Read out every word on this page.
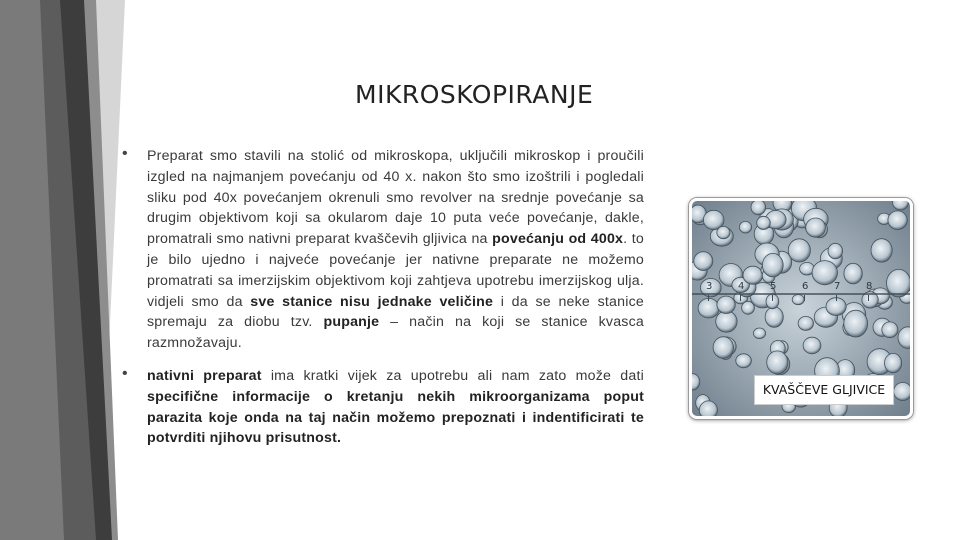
MIKROSKOPIRANJE
• Preparat smo stavili na stolić od mikroskopa, uključili mikroskop i proučili izgled na najmanjem povećanju od 40 x. nakon što smo izoštrili i pogledali sliku pod 40x povećanjem okrenuli smo revolver na srednje povećanje sa drugim objektivom koji sa okularom daje 10 puta veće povećanje, dakle, promatrali smo nativni preparat kvaščevih gljivica na povećanju od 400x. to je bilo ujedno i najveće povećanje jer nativne preparate ne možemo promatrati sa imerzijskim objektivom koji zahtjeva upotrebu imerzijskog ulja. vidjeli smo da sve stanice nisu jednake veličine i da se neke stanice spremaju za diobu tzv. pupanje – način na koji se stanice kvasca razmnožavaju.
• nativni preparat ima kratki vijek za upotrebu ali nam zato može dati specifične informacije o kretanju nekih mikroorganizama poput parazita koje onda na taj način možemo prepoznati i indentificirati te potvrditi njihovu prisutnost.
3	4	5	6	7	8
KVAŠČEVE GLJIVICE
